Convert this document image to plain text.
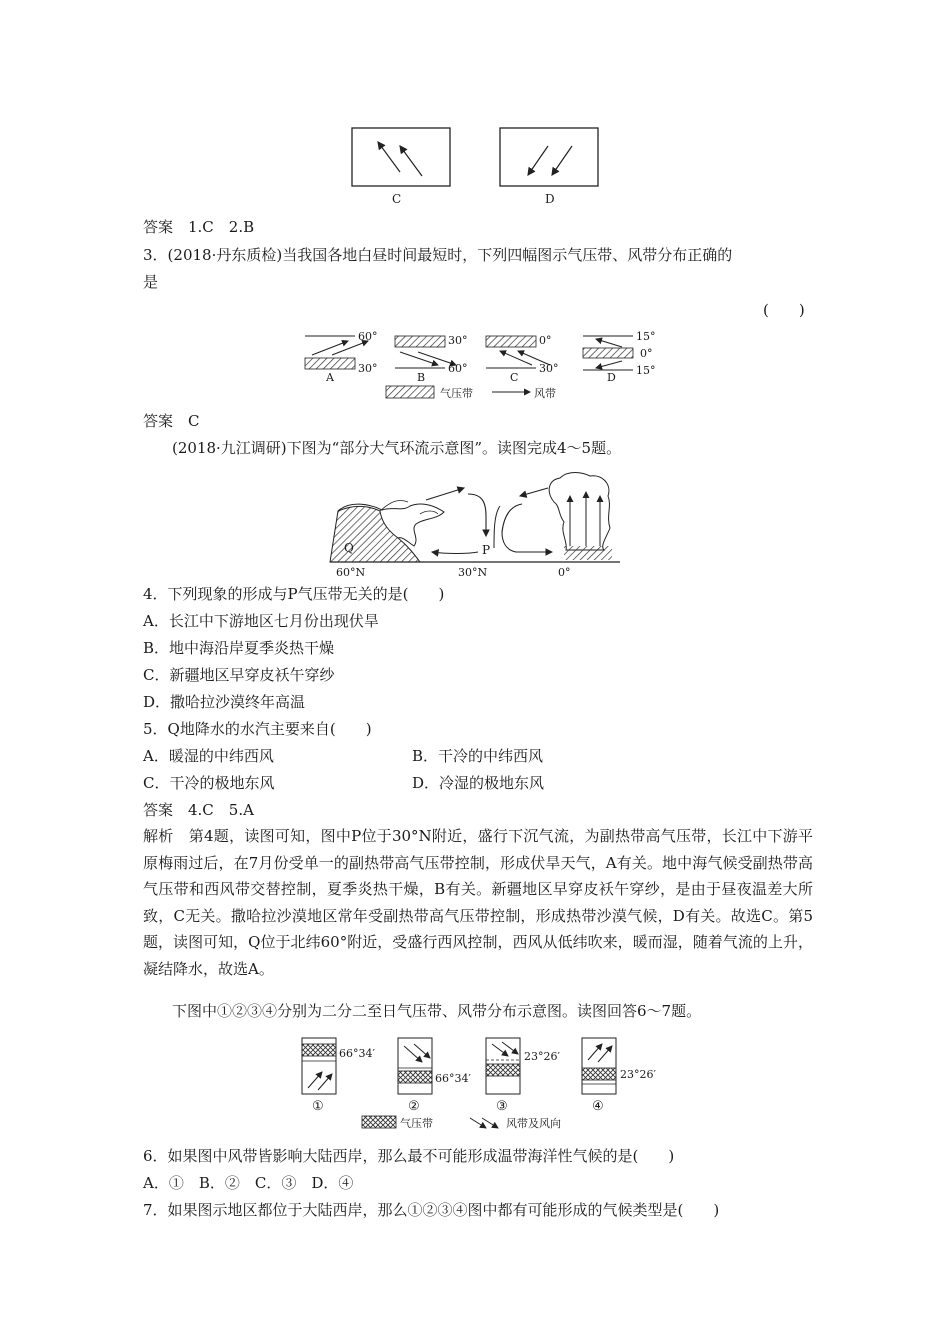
C	D
答案　1.C　2.B
3．(2018·丹东质检)当我国各地白昼时间最短时，下列四幅图示气压带、风带分布正确的
是
(　　)
60°
30°
A
30°
60°
B
0°
30°
C
15°
0°
15°
D
气压带	风带
答案　C
(2018·九江调研)下图为“部分大气环流示意图”。读图完成4～5题。
Q	P
60°N	30°N	0°
4．下列现象的形成与P气压带无关的是(　　)
A．长江中下游地区七月份出现伏旱
B．地中海沿岸夏季炎热干燥
C．新疆地区早穿皮袄午穿纱
D．撒哈拉沙漠终年高温
5．Q地降水的水汽主要来自(　　)
A．暖湿的中纬西风	B．干冷的中纬西风
C．干冷的极地东风	D．冷湿的极地东风
答案　4.C　5.A
解析　第4题，读图可知，图中P位于30°N附近，盛行下沉气流，为副热带高气压带，长江中下游平原梅雨过后，在7月份受单一的副热带高气压带控制，形成伏旱天气，A有关。地中海气候受副热带高气压带和西风带交替控制，夏季炎热干燥，B有关。新疆地区早穿皮袄午穿纱，是由于昼夜温差大所致，C无关。撒哈拉沙漠地区常年受副热带高气压带控制，形成热带沙漠气候，D有关。故选C。第5题，读图可知，Q位于北纬60°附近，受盛行西风控制，西风从低纬吹来，暖而湿，随着气流的上升，凝结降水，故选A。
下图中①②③④分别为二分二至日气压带、风带分布示意图。读图回答6～7题。
66°34′
①
66°34′
②
23°26′
③
23°26′
④
气压带	风带及风向
6．如果图中风带皆影响大陆西岸，那么最不可能形成温带海洋性气候的是(　　)
A．①　B．②　C．③　D．④
7．如果图示地区都位于大陆西岸，那么①②③④图中都有可能形成的气候类型是(　　)
